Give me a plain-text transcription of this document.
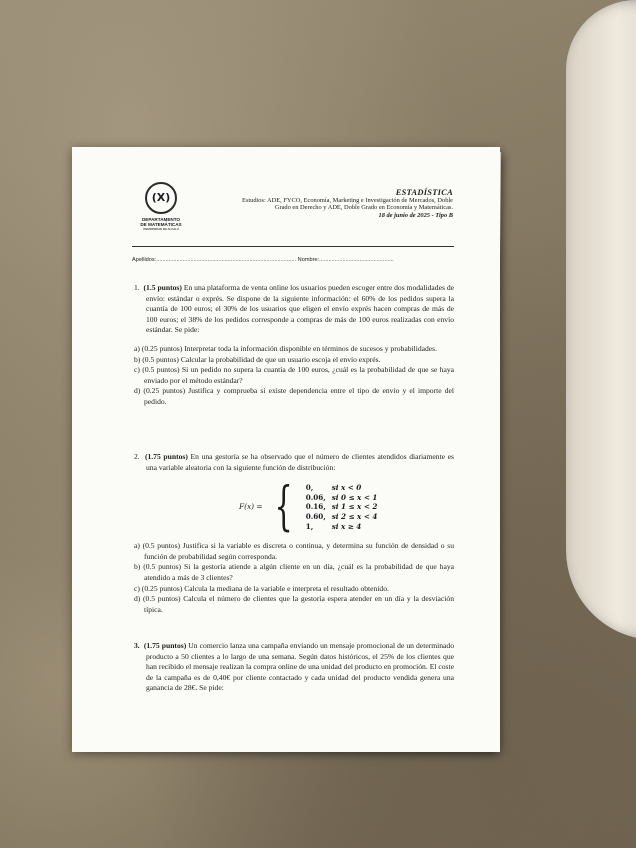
(X)
DEPARTAMENTO
DE MATEMÁTICAS
UNIVERSIDAD DE ALCALÁ
ESTADÍSTICA
Estudios: ADE, FYCO, Economía, Marketing e Investigación de Mercados, Doble
Grado en Derecho y ADE, Doble Grado en Economía y Matemáticas.
18 de junio de 2025 - Tipo B
Apellidos:.......................................................................................... Nombre:................................................

1. (1.5 puntos) En una plataforma de venta online los usuarios pueden escoger entre dos modalidades de envío: estándar o exprés. Se dispone de la siguiente información: el 60% de los pedidos supera la cuantía de 100 euros; el 30% de los usuarios que eligen el envío exprés hacen compras de más de 100 euros; el 38% de los pedidos corresponde a compras de más de 100 euros realizadas con envío estándar. Se pide:

a) (0.25 puntos) Interpretar toda la información disponible en términos de sucesos y probabilidades.
b) (0.5 puntos) Calcular la probabilidad de que un usuario escoja el envío exprés.
c) (0.5 puntos) Si un pedido no supera la cuantía de 100 euros, ¿cuál es la probabilidad de que se haya enviado por el método estándar?
d) (0.25 puntos) Justifica y comprueba si existe dependencia entre el tipo de envío y el importe del pedido.

2. (1.75 puntos) En una gestoría se ha observado que el número de clientes atendidos diariamente es una variable aleatoria con la siguiente función de distribución:

F(x) = { 0,	si x < 0
0.06,	si 0 ≤ x < 1
0.16,	si 1 ≤ x < 2
0.60,	si 2 ≤ x < 4
1,	si x ≥ 4
a) (0.5 puntos) Justifica si la variable es discreta o continua, y determina su función de densidad o su función de probabilidad según corresponda.
b) (0.5 puntos) Si la gestoría atiende a algún cliente en un día, ¿cuál es la probabilidad de que haya atendido a más de 3 clientes?
c) (0.25 puntos) Calcula la mediana de la variable e interpreta el resultado obtenido.
d) (0.5 puntos) Calcula el número de clientes que la gestoría espera atender en un día y la desviación típica.

3. (1.75 puntos) Un comercio lanza una campaña enviando un mensaje promocional de un determinado producto a 50 clientes a lo largo de una semana. Según datos históricos, el 25% de los clientes que han recibido el mensaje realizan la compra online de una unidad del producto en promoción. El coste de la campaña es de 0,40€ por cliente contactado y cada unidad del producto vendida genera una ganancia de 28€. Se pide:
